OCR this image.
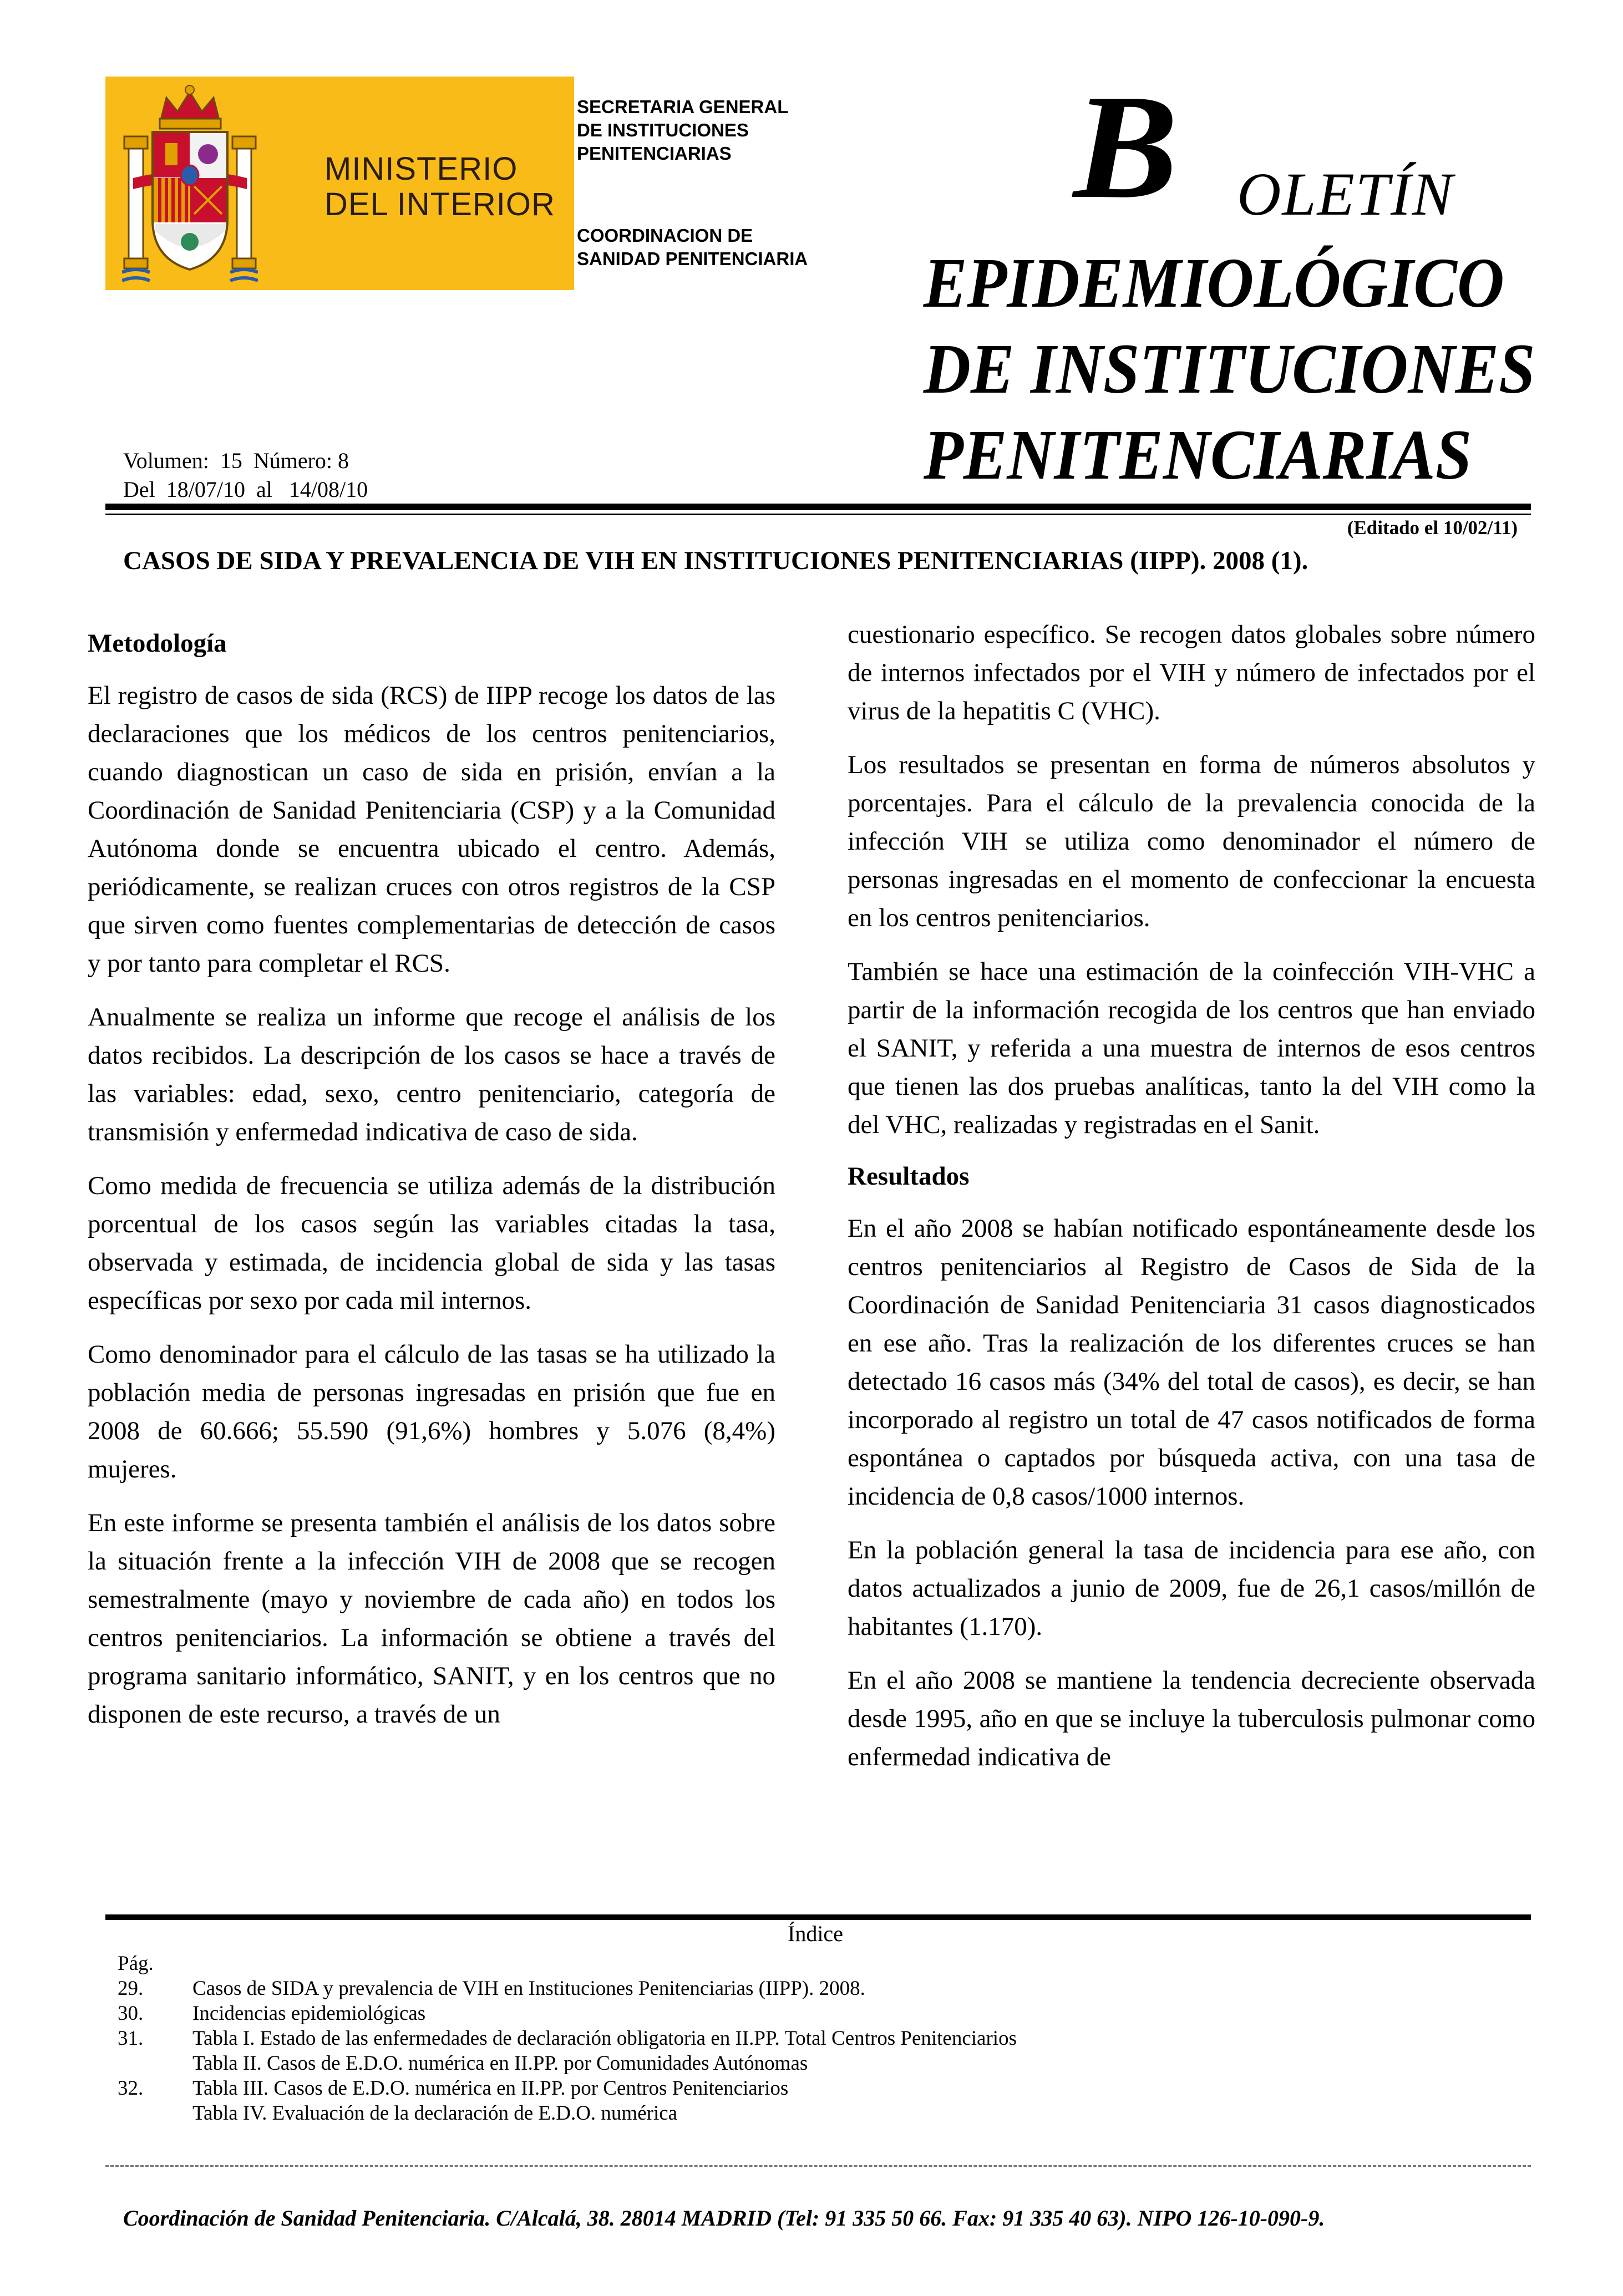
MINISTERIO
DEL INTERIOR
SECRETARIA GENERAL
DE INSTITUCIONES
PENITENCIARIAS
COORDINACION DE
SANIDAD PENITENCIARIA
B OLETÍN
EPIDEMIOLÓGICO
DE INSTITUCIONES
PENITENCIARIAS
Volumen:  15  Número: 8
Del  18/07/10  al   14/08/10
(Editado el 10/02/11)
CASOS DE SIDA Y PREVALENCIA DE VIH EN INSTITUCIONES PENITENCIARIAS (IIPP). 2008 (1).
Metodología

El registro de casos de sida (RCS) de IIPP recoge los datos de las declaraciones que los médicos de los centros penitenciarios, cuando diagnostican un caso de sida en prisión, envían a la Coordinación de Sanidad Penitenciaria (CSP) y a la Comunidad Autónoma donde se encuentra ubicado el centro. Además, periódicamente, se realizan cruces con otros registros de la CSP que sirven como fuentes complementarias de detección de casos y por tanto para completar el RCS.

Anualmente se realiza un informe que recoge el análisis de los datos recibidos. La descripción de los casos se hace a través de las variables: edad, sexo, centro penitenciario, categoría de transmisión y enfermedad indicativa de caso de sida.

Como medida de frecuencia se utiliza además de la distribución porcentual de los casos según las variables citadas la tasa, observada y estimada, de incidencia global de sida y las tasas específicas por sexo por cada mil internos.

Como denominador para el cálculo de las tasas se ha utilizado la población media de personas ingresadas en prisión que fue en 2008 de 60.666; 55.590 (91,6%) hombres y 5.076 (8,4%) mujeres.

En este informe se presenta también el análisis de los datos sobre la situación frente a la infección VIH de 2008 que se recogen semestralmente (mayo y noviembre de cada año) en todos los centros penitenciarios. La información se obtiene a través del programa sanitario informático, SANIT, y en los centros que no disponen de este recurso, a través de un

cuestionario específico. Se recogen datos globales sobre número de internos infectados por el VIH y número de infectados por el virus de la hepatitis C (VHC).

Los resultados se presentan en forma de números absolutos y porcentajes. Para el cálculo de la prevalencia conocida de la infección VIH se utiliza como denominador el número de personas ingresadas en el momento de confeccionar la encuesta en los centros penitenciarios.

También se hace una estimación de la coinfección VIH-VHC a partir de la información recogida de los centros que han enviado el SANIT, y referida a una muestra de internos de esos centros que tienen las dos pruebas analíticas, tanto la del VIH como la del VHC, realizadas y registradas en el Sanit.

Resultados

En el año 2008 se habían notificado espontáneamente desde los centros penitenciarios al Registro de Casos de Sida de la Coordinación de Sanidad Penitenciaria 31 casos diagnosticados en ese año. Tras la realización de los diferentes cruces se han detectado 16 casos más (34% del total de casos), es decir, se han incorporado al registro un total de 47 casos notificados de forma espontánea o captados por búsqueda activa, con una tasa de incidencia de 0,8 casos/1000 internos.

En la población general la tasa de incidencia para ese año, con datos actualizados a junio de 2009, fue de 26,1 casos/millón de habitantes (1.170).

En el año 2008 se mantiene la tendencia decreciente observada desde 1995, año en que se incluye la tuberculosis pulmonar como enfermedad indicativa de

Índice
Pág.
29. Casos de SIDA y prevalencia de VIH en Instituciones Penitenciarias (IIPP). 2008.
30. Incidencias epidemiológicas
31. Tabla I. Estado de las enfermedades de declaración obligatoria en II.PP. Total Centros Penitenciarios
Tabla II. Casos de E.D.O. numérica en II.PP. por Comunidades Autónomas
32. Tabla III. Casos de E.D.O. numérica en II.PP. por Centros Penitenciarios
Tabla IV. Evaluación de la declaración de E.D.O. numérica
Coordinación de Sanidad Penitenciaria. C/Alcalá, 38. 28014 MADRID (Tel: 91 335 50 66. Fax: 91 335 40 63). NIPO 126-10-090-9.
